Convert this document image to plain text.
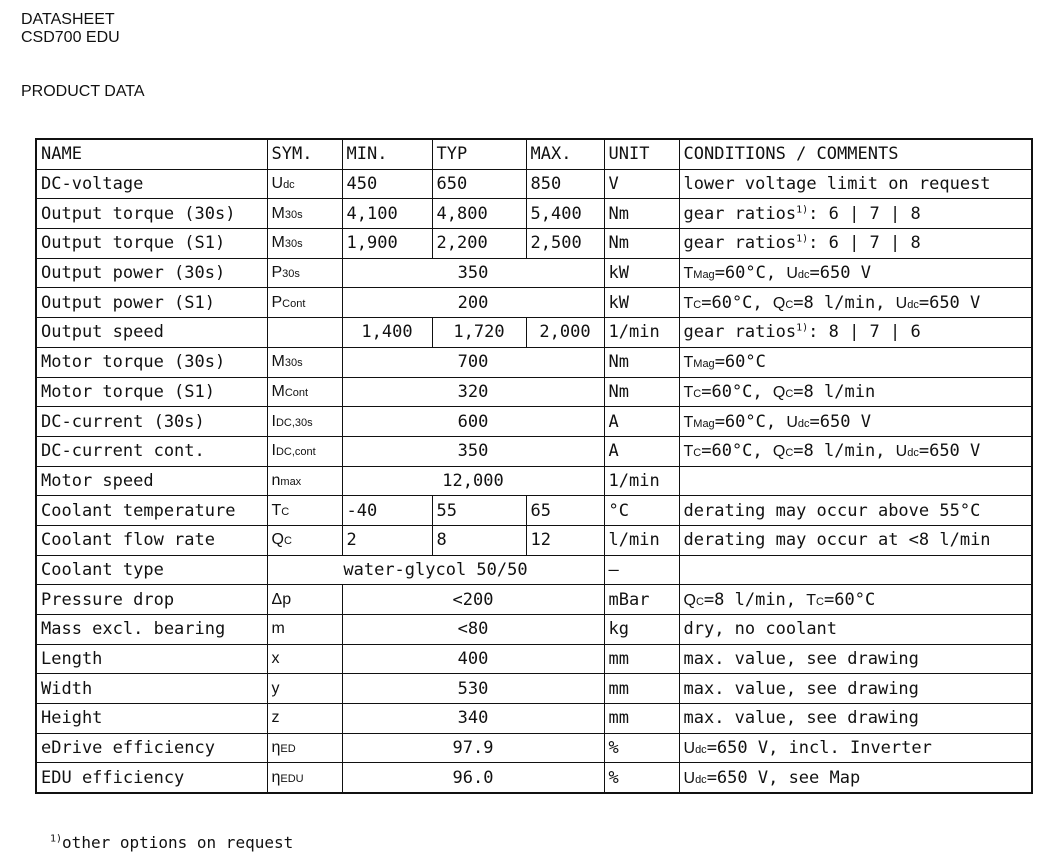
DATASHEET
CSD700 EDU
PRODUCT DATA
NAME	SYM.	MIN.	TYP	MAX.	UNIT	CONDITIONS / COMMENTS
DC-voltage	Udc	450	650	850	V	lower voltage limit on request
Output torque (30s)	M30s	4,100	4,800	5,400	Nm	gear ratios$^{1)}$: 6 | 7 | 8
Output torque (S1)	M30s	1,900	2,200	2,500	Nm	gear ratios$^{1)}$: 6 | 7 | 8
Output power (30s)	P30s	350			kW	TMag=60°C, Udc=650 V
Output power (S1)	PCont	200			kW	TC=60°C, QC=8 l/min, Udc=650 V
Output speed		1,400	1,720	2,000	1/min	gear ratios$^{1)}$: 8 | 7 | 6
Motor torque (30s)	M30s	700			Nm	TMag=60°C
Motor torque (S1)	MCont	320			Nm	TC=60°C, QC=8 l/min
DC-current (30s)	IDC,30s	600			A	TMag=60°C, Udc=650 V
DC-current cont.	IDC,cont	350			A	TC=60°C, QC=8 l/min, Udc=650 V
Motor speed	nmax	12,000			1/min	
Coolant temperature	TC	-40	55	65	°C	derating may occur above 55°C
Coolant flow rate	QC	2	8	12	l/min	derating may occur at <8 l/min
Coolant type	water-glycol 50/50				–	
Pressure drop	Δp	<200			mBar	QC=8 l/min, TC=60°C
Mass excl. bearing	m	<80			kg	dry, no coolant
Length	x	400			mm	max. value, see drawing
Width	y	530			mm	max. value, see drawing
Height	z	340			mm	max. value, see drawing
eDrive efficiency	ηED	97.9			%	Udc=650 V, incl. Inverter
EDU efficiency	ηEDU	96.0			%	Udc=650 V, see Map
$^{1)}$other options on request
